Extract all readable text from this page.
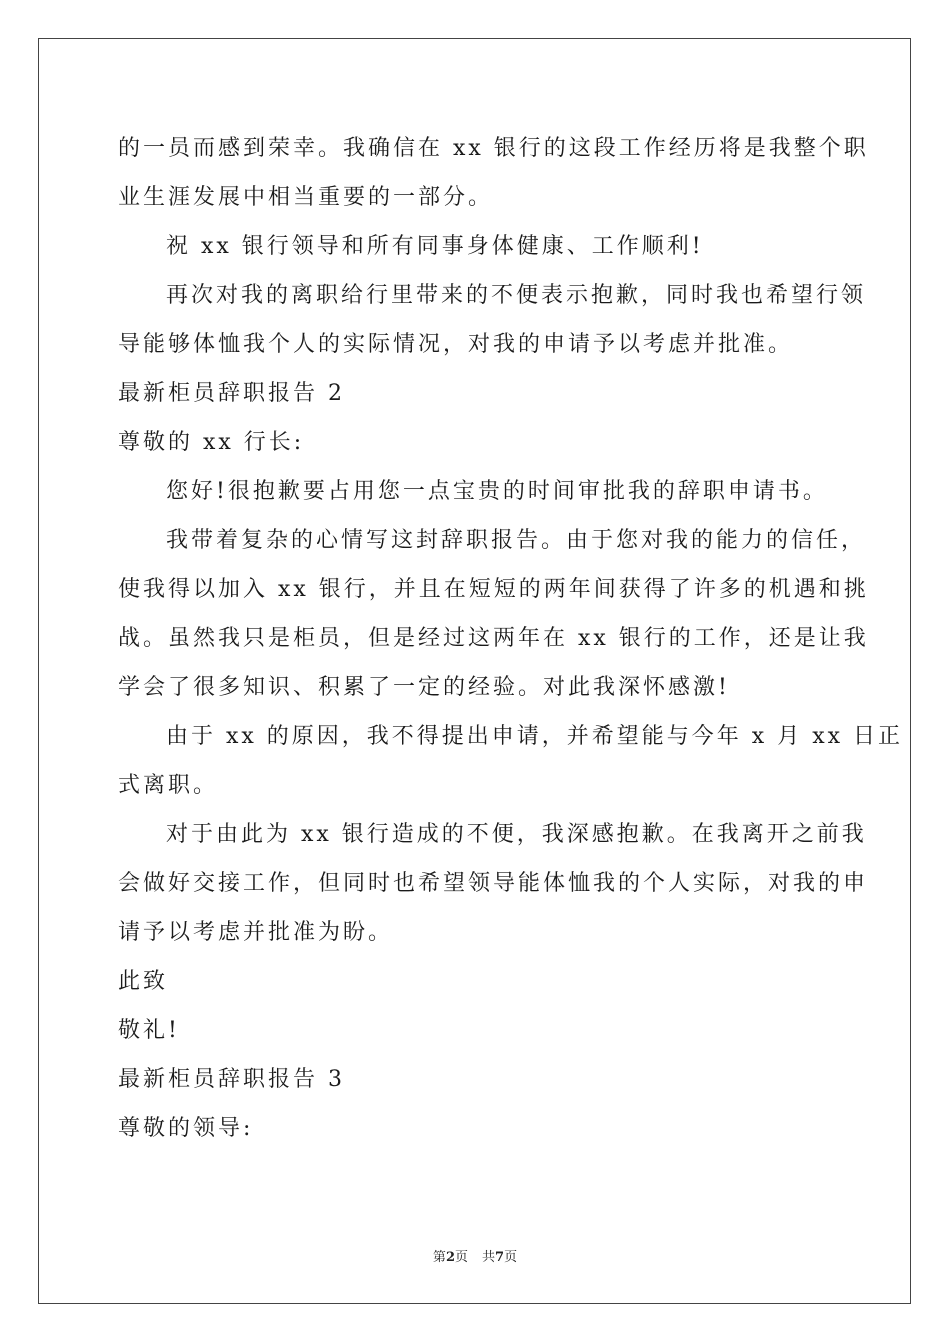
的一员而感到荣幸。我确信在 xx 银行的这段工作经历将是我整个职
业生涯发展中相当重要的一部分。
祝 xx 银行领导和所有同事身体健康、工作顺利!
再次对我的离职给行里带来的不便表示抱歉，同时我也希望行领
导能够体恤我个人的实际情况，对我的申请予以考虑并批准。
最新柜员辞职报告 2
尊敬的 xx 行长:
您好!很抱歉要占用您一点宝贵的时间审批我的辞职申请书。
我带着复杂的心情写这封辞职报告。由于您对我的能力的信任，
使我得以加入 xx 银行，并且在短短的两年间获得了许多的机遇和挑
战。虽然我只是柜员，但是经过这两年在 xx 银行的工作，还是让我
学会了很多知识、积累了一定的经验。对此我深怀感激!
由于 xx 的原因，我不得提出申请，并希望能与今年 x 月 xx 日正
式离职。
对于由此为 xx 银行造成的不便，我深感抱歉。在我离开之前我
会做好交接工作，但同时也希望领导能体恤我的个人实际，对我的申
请予以考虑并批准为盼。
此致
敬礼!
最新柜员辞职报告 3
尊敬的领导:
第2页 共7页
